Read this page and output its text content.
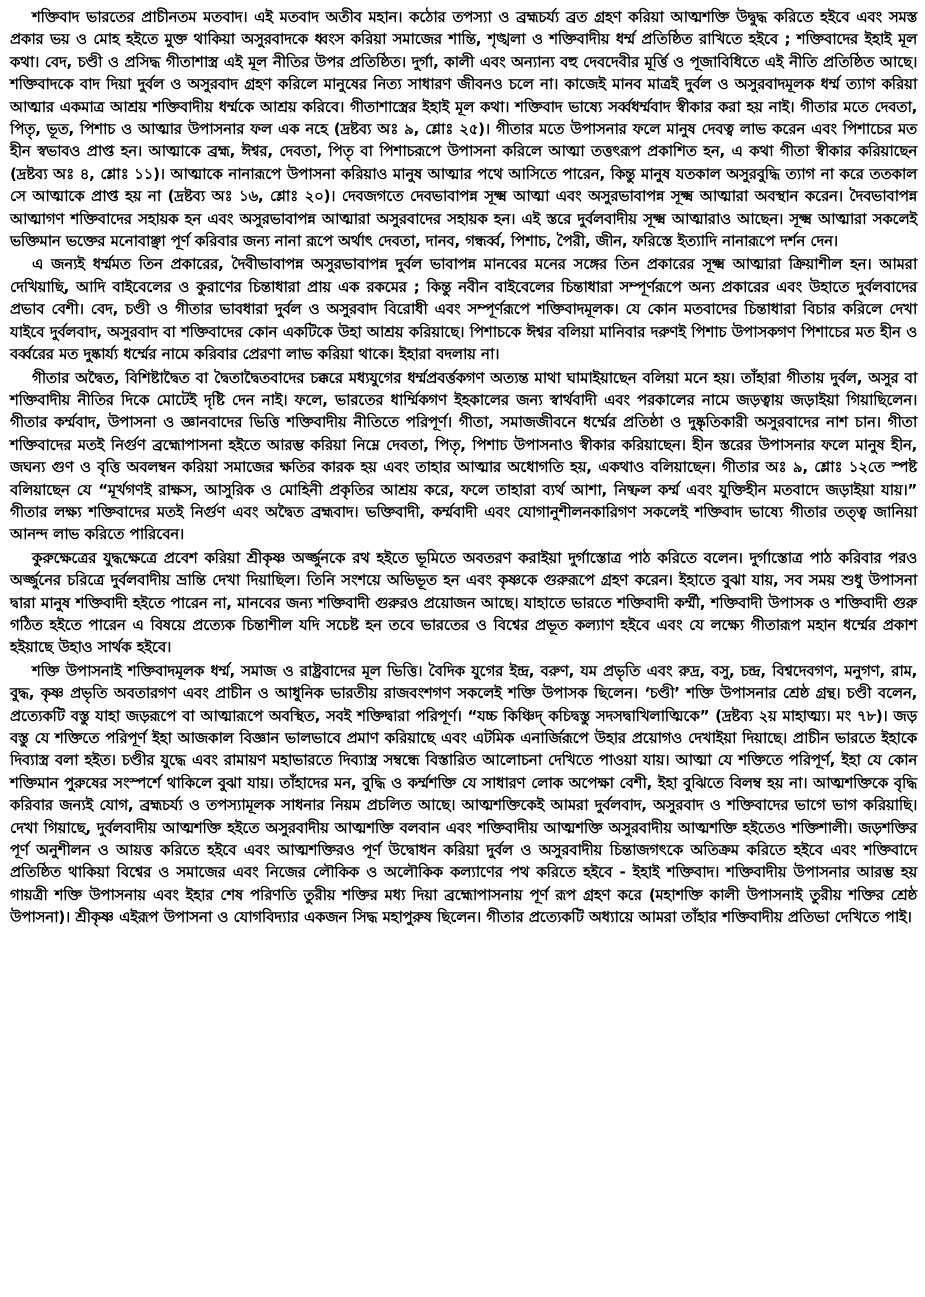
শক্তিবাদ ভারতের প্রাচীনতম মতবাদ। এই মতবাদ অতীব মহান। কঠোর তপস্যা ও ব্রহ্মচর্য্য ব্রত গ্রহণ করিয়া আত্মশক্তি উদ্বুদ্ধ করিতে হইবে এবং সমস্ত প্রকার ভয় ও মোহ হইতে মুক্ত থাকিয়া অসুরবাদকে ধ্বংস করিয়া সমাজের শান্তি, শৃঙ্খলা ও শক্তিবাদীয় ধর্ম্ম প্রতিষ্ঠিত রাখিতে হইবে ; শক্তিবাদের ইহাই মূল কথা। বেদ, চণ্ডী ও প্রসিদ্ধ গীতাশাস্ত্র এই মূল নীতির উপর প্রতিষ্ঠিত। দুর্গা, কালী এবং অন্যান্য বহু দেবদেবীর মূর্ত্তি ও পূজাবিধিতে এই নীতি প্রতিষ্ঠিত আছে। শক্তিবাদকে বাদ দিয়া দুর্বল ও অসুরবাদ গ্রহণ করিলে মানুষের নিত্য সাধারণ জীবনও চলে না। কাজেই মানব মাত্রই দুর্বল ও অসুরবাদমূলক ধর্ম্ম ত্যাগ করিয়া আত্মার একমাত্র আশ্রয় শক্তিবাদীয় ধর্ম্মকে আশ্রয় করিবে। গীতাশাস্ত্রের ইহাই মূল কথা। শক্তিবাদ ভাষ্যে সর্ব্বধর্ম্মবাদ স্বীকার করা হয় নাই। গীতার মতে দেবতা, পিতৃ, ভূত, পিশাচ ও আত্মার উপাসনার ফল এক নহে (দ্রষ্টব্য অঃ ৯, শ্লোঃ ২৫)। গীতার মতে উপাসনার ফলে মানুষ দেবত্ব লাভ করেন এবং পিশাচের মত হীন স্বভাবও প্রাপ্ত হন। আত্মাকে ব্রহ্ম, ঈশ্বর, দেবতা, পিতৃ বা পিশাচরূপে উপাসনা করিলে আত্মা তত্তৎরূপ প্রকাশিত হন, এ কথা গীতা স্বীকার করিয়াছেন (দ্রষ্টব্য অঃ ৪, শ্লোঃ ১১)। আত্মাকে নানারূপে উপাসনা করিয়াও মানুষ আত্মার পথে আসিতে পারেন, কিন্তু মানুষ যতকাল অসুরবুদ্ধি ত্যাগ না করে ততকাল সে আত্মাকে প্রাপ্ত হয় না (দ্রষ্টব্য অঃ ১৬, শ্লোঃ ২০)। দেবজগতে দেবভাবাপন্ন সূক্ষ্ম আত্মা এবং অসুরভাবাপন্ন সূক্ষ্ম আত্মারা অবস্থান করেন। দৈবভাবাপন্ন আত্মাগণ শক্তিবাদের সহায়ক হন এবং অসুরভাবাপন্ন আত্মারা অসুরবাদের সহায়ক হন। এই স্তরে দুর্বলবাদীয় সূক্ষ্ম আত্মারাও আছেন। সূক্ষ্ম আত্মারা সকলেই ভক্তিমান ভক্তের মনোবাঞ্ছা পূর্ণ করিবার জন্য নানা রূপে অর্থাৎ দেবতা, দানব, গন্ধর্ব্ব, পিশাচ, পৈরী, জীন, ফরিস্তে ইত্যাদি নানারূপে দর্শন দেন।

এ জন্যই ধর্ম্মমত তিন প্রকারের, দৈবীভাবাপন্ন অসুরভাবাপন্ন দুর্বল ভাবাপন্ন মানবের মনের সঙ্গের তিন প্রকারের সূক্ষ্ম আত্মারা ক্রিয়াশীল হন। আমরা দেখিয়াছি, আদি বাইবেলের ও কুরাণের চিন্তাধারা প্রায় এক রকমের ; কিন্তু নবীন বাইবেলের চিন্তাধারা সম্পূর্ণরূপে অন্য প্রকারের এবং উহাতে দুর্বলবাদের প্রভাব বেশী। বেদ, চণ্ডী ও গীতার ভাবধারা দুর্বল ও অসুরবাদ বিরোধী এবং সম্পূর্ণরূপে শক্তিবাদমূলক। যে কোন মতবাদের চিন্তাধারা বিচার করিলে দেখা যাইবে দুর্বলবাদ, অসুরবাদ বা শক্তিবাদের কোন একটিকে উহা আশ্রয় করিয়াছে। পিশাচকে ঈশ্বর বলিয়া মানিবার দরুণই পিশাচ উপাসকগণ পিশাচের মত হীন ও বর্ব্বরের মত দুষ্কার্য্য ধর্ম্মের নামে করিবার প্রেরণা লাভ করিয়া থাকে। ইহারা বদলায় না।

গীতার অদ্বৈত, বিশিষ্টাদ্বৈত বা দ্বৈতাদ্বৈতবাদের চক্করে মধ্যযুগের ধর্ম্মপ্রবর্ত্তকগণ অত্যন্ত মাথা ঘামাইয়াছেন বলিয়া মনে হয়। তাঁহারা গীতায় দুর্বল, অসুর বা শক্তিবাদীয় নীতির দিকে মোটেই দৃষ্টি দেন নাই। ফলে, ভারতের ধার্ম্মিকগণ ইহকালের জন্য স্বার্থবাদী এবং পরকালের নামে জড়ত্বায় জড়াইয়া গিয়াছিলেন। গীতার কর্ম্মবাদ, উপাসনা ও জ্ঞানবাদের ভিত্তি শক্তিবাদীয় নীতিতে পরিপূর্ণ। গীতা, সমাজজীবনে ধর্ম্মের প্রতিষ্ঠা ও দুষ্কৃতিকারী অসুরবাদের নাশ চান। গীতা শক্তিবাদের মতই নির্গুণ ব্রহ্মোপাসনা হইতে আরম্ভ করিয়া নিম্নে দেবতা, পিতৃ, পিশাচ উপাসনাও স্বীকার করিয়াছেন। হীন স্তরের উপাসনার ফলে মানুষ হীন, জঘন্য গুণ ও বৃত্তি অবলম্বন করিয়া সমাজের ক্ষতির কারক হয় এবং তাহার আত্মার অধোগতি হয়, একথাও বলিয়াছেন। গীতার অঃ ৯, শ্লোঃ ১২তে স্পষ্ট বলিয়াছেন যে “মূর্খগণই রাক্ষস, আসুরিক ও মোহিনী প্রকৃতির আশ্রয় করে, ফলে তাহারা ব্যর্থ আশা, নিষ্ফল কর্ম্ম এবং যুক্তিহীন মতবাদে জড়াইয়া যায়।” গীতার লক্ষ্য শক্তিবাদের মতই নির্গুণ এবং অদ্বৈত ব্রহ্মবাদ। ভক্তিবাদী, কর্ম্মবাদী এবং যোগানুশীলনকারিগণ সকলেই শক্তিবাদ ভাষ্যে গীতার তত্ত্ব জানিয়া আনন্দ লাভ করিতে পারিবেন।

কুরুক্ষেত্রের যুদ্ধক্ষেত্রে প্রবেশ করিয়া শ্রীকৃষ্ণ অর্জ্জুনকে রথ হইতে ভূমিতে অবতরণ করাইয়া দুর্গাস্তোত্র পাঠ করিতে বলেন। দুর্গাস্তোত্র পাঠ করিবার পরও অর্জ্জুনের চরিত্রে দুর্বলবাদীয় ভ্রান্তি দেখা দিয়াছিল। তিনি সংশয়ে অভিভূত হন এবং কৃষ্ণকে গুরুরূপে গ্রহণ করেন। ইহাতে বুঝা যায়, সব সময় শুধু উপাসনা দ্বারা মানুষ শক্তিবাদী হইতে পারেন না, মানবের জন্য শক্তিবাদী গুরুরও প্রয়োজন আছে। যাহাতে ভারতে শক্তিবাদী কর্ম্মী, শক্তিবাদী উপাসক ও শক্তিবাদী গুরু গঠিত হইতে পারেন এ বিষয়ে প্রত্যেক চিন্তাশীল যদি সচেষ্ট হন তবে ভারতের ও বিশ্বের প্রভূত কল্যাণ হইবে এবং যে লক্ষ্যে গীতারূপ মহান ধর্ম্মের প্রকাশ হইয়াছে উহাও সার্থক হইবে।

শক্তি উপাসনাই শক্তিবাদমূলক ধর্ম্ম, সমাজ ও রাষ্ট্রবাদের মূল ভিত্তি। বৈদিক যুগের ইন্দ্র, বরুণ, যম প্রভৃতি এবং রুদ্র, বসু, চন্দ্র, বিশ্বদেবগণ, মনুগণ, রাম, বুদ্ধ, কৃষ্ণ প্রভৃতি অবতারগণ এবং প্রাচীন ও আধুনিক ভারতীয় রাজবংশগণ সকলেই শক্তি উপাসক ছিলেন। ‘চণ্ডী’ শক্তি উপাসনার শ্রেষ্ঠ গ্রন্থ। চণ্ডী বলেন, প্রত্যেকটি বস্তু যাহা জড়রূপে বা আত্মারূপে অবস্থিত, সবই শক্তিদ্বারা পরিপূর্ণ। “যচ্চ কিঞ্চিদ্ কচিদ্বস্তু সদসদ্বাখিলাত্মিকে” (দ্রষ্টব্য ২য় মাহাত্ম্য। মং ৭৮)। জড় বস্তু যে শক্তিতে পরিপূর্ণ ইহা আজকাল বিজ্ঞান ভালভাবে প্রমাণ করিয়াছে এবং এটমিক এনার্জিরূপে উহার প্রয়োগও দেখাইয়া দিয়াছে। প্রাচীন ভারতে ইহাকে দিব্যাস্ত্র বলা হইত। চণ্ডীর যুদ্ধে এবং রামায়ণ মহাভারতে দিব্যাস্ত্র সম্বন্ধে বিস্তারিত আলোচনা দেখিতে পাওয়া যায়। আত্মা যে শক্তিতে পরিপূর্ণ, ইহা যে কোন শক্তিমান পুরুষের সংস্পর্শে থাকিলে বুঝা যায়। তাঁহাদের মন, বুদ্ধি ও কর্ম্মশক্তি যে সাধারণ লোক অপেক্ষা বেশী, ইহা বুঝিতে বিলম্ব হয় না। আত্মশক্তিকে বৃদ্ধি করিবার জন্যই যোগ, ব্রহ্মচর্য্য ও তপস্যামূলক সাধনার নিয়ম প্রচলিত আছে। আত্মশক্তিকেই আমরা দুর্বলবাদ, অসুরবাদ ও শক্তিবাদের ভাগে ভাগ করিয়াছি। দেখা গিয়াছে, দুর্বলবাদীয় আত্মশক্তি হইতে অসুরবাদীয় আত্মশক্তি বলবান এবং শক্তিবাদীয় আত্মশক্তি অসুরবাদীয় আত্মশক্তি হইতেও শক্তিশালী। জড়শক্তির পূর্ণ অনুশীলন ও আয়ত্ত করিতে হইবে এবং আত্মশক্তিরও পূর্ণ উদ্বোধন করিয়া দুর্বল ও অসুরবাদীয় চিন্তাজগৎকে অতিক্রম করিতে হইবে এবং শক্তিবাদে প্রতিষ্ঠিত থাকিয়া বিশ্বের ও সমাজের এবং নিজের লৌকিক ও অলৌকিক কল্যাণের পথ করিতে হইবে - ইহাই শক্তিবাদ। শক্তিবাদীয় উপাসনার আরম্ভ হয় গায়ত্রী শক্তি উপাসনায় এবং ইহার শেষ পরিণতি তুরীয় শক্তির মধ্য দিয়া ব্রহ্মোপাসনায় পূর্ণ রূপ গ্রহণ করে (মহাশক্তি কালী উপাসনাই তুরীয় শক্তির শ্রেষ্ঠ উপাসনা)। শ্রীকৃষ্ণ এইরূপ উপাসনা ও যোগবিদ্যার একজন সিদ্ধ মহাপুরুষ ছিলেন। গীতার প্রত্যেকটি অধ্যায়ে আমরা তাঁহার শক্তিবাদীয় প্রতিভা দেখিতে পাই।
